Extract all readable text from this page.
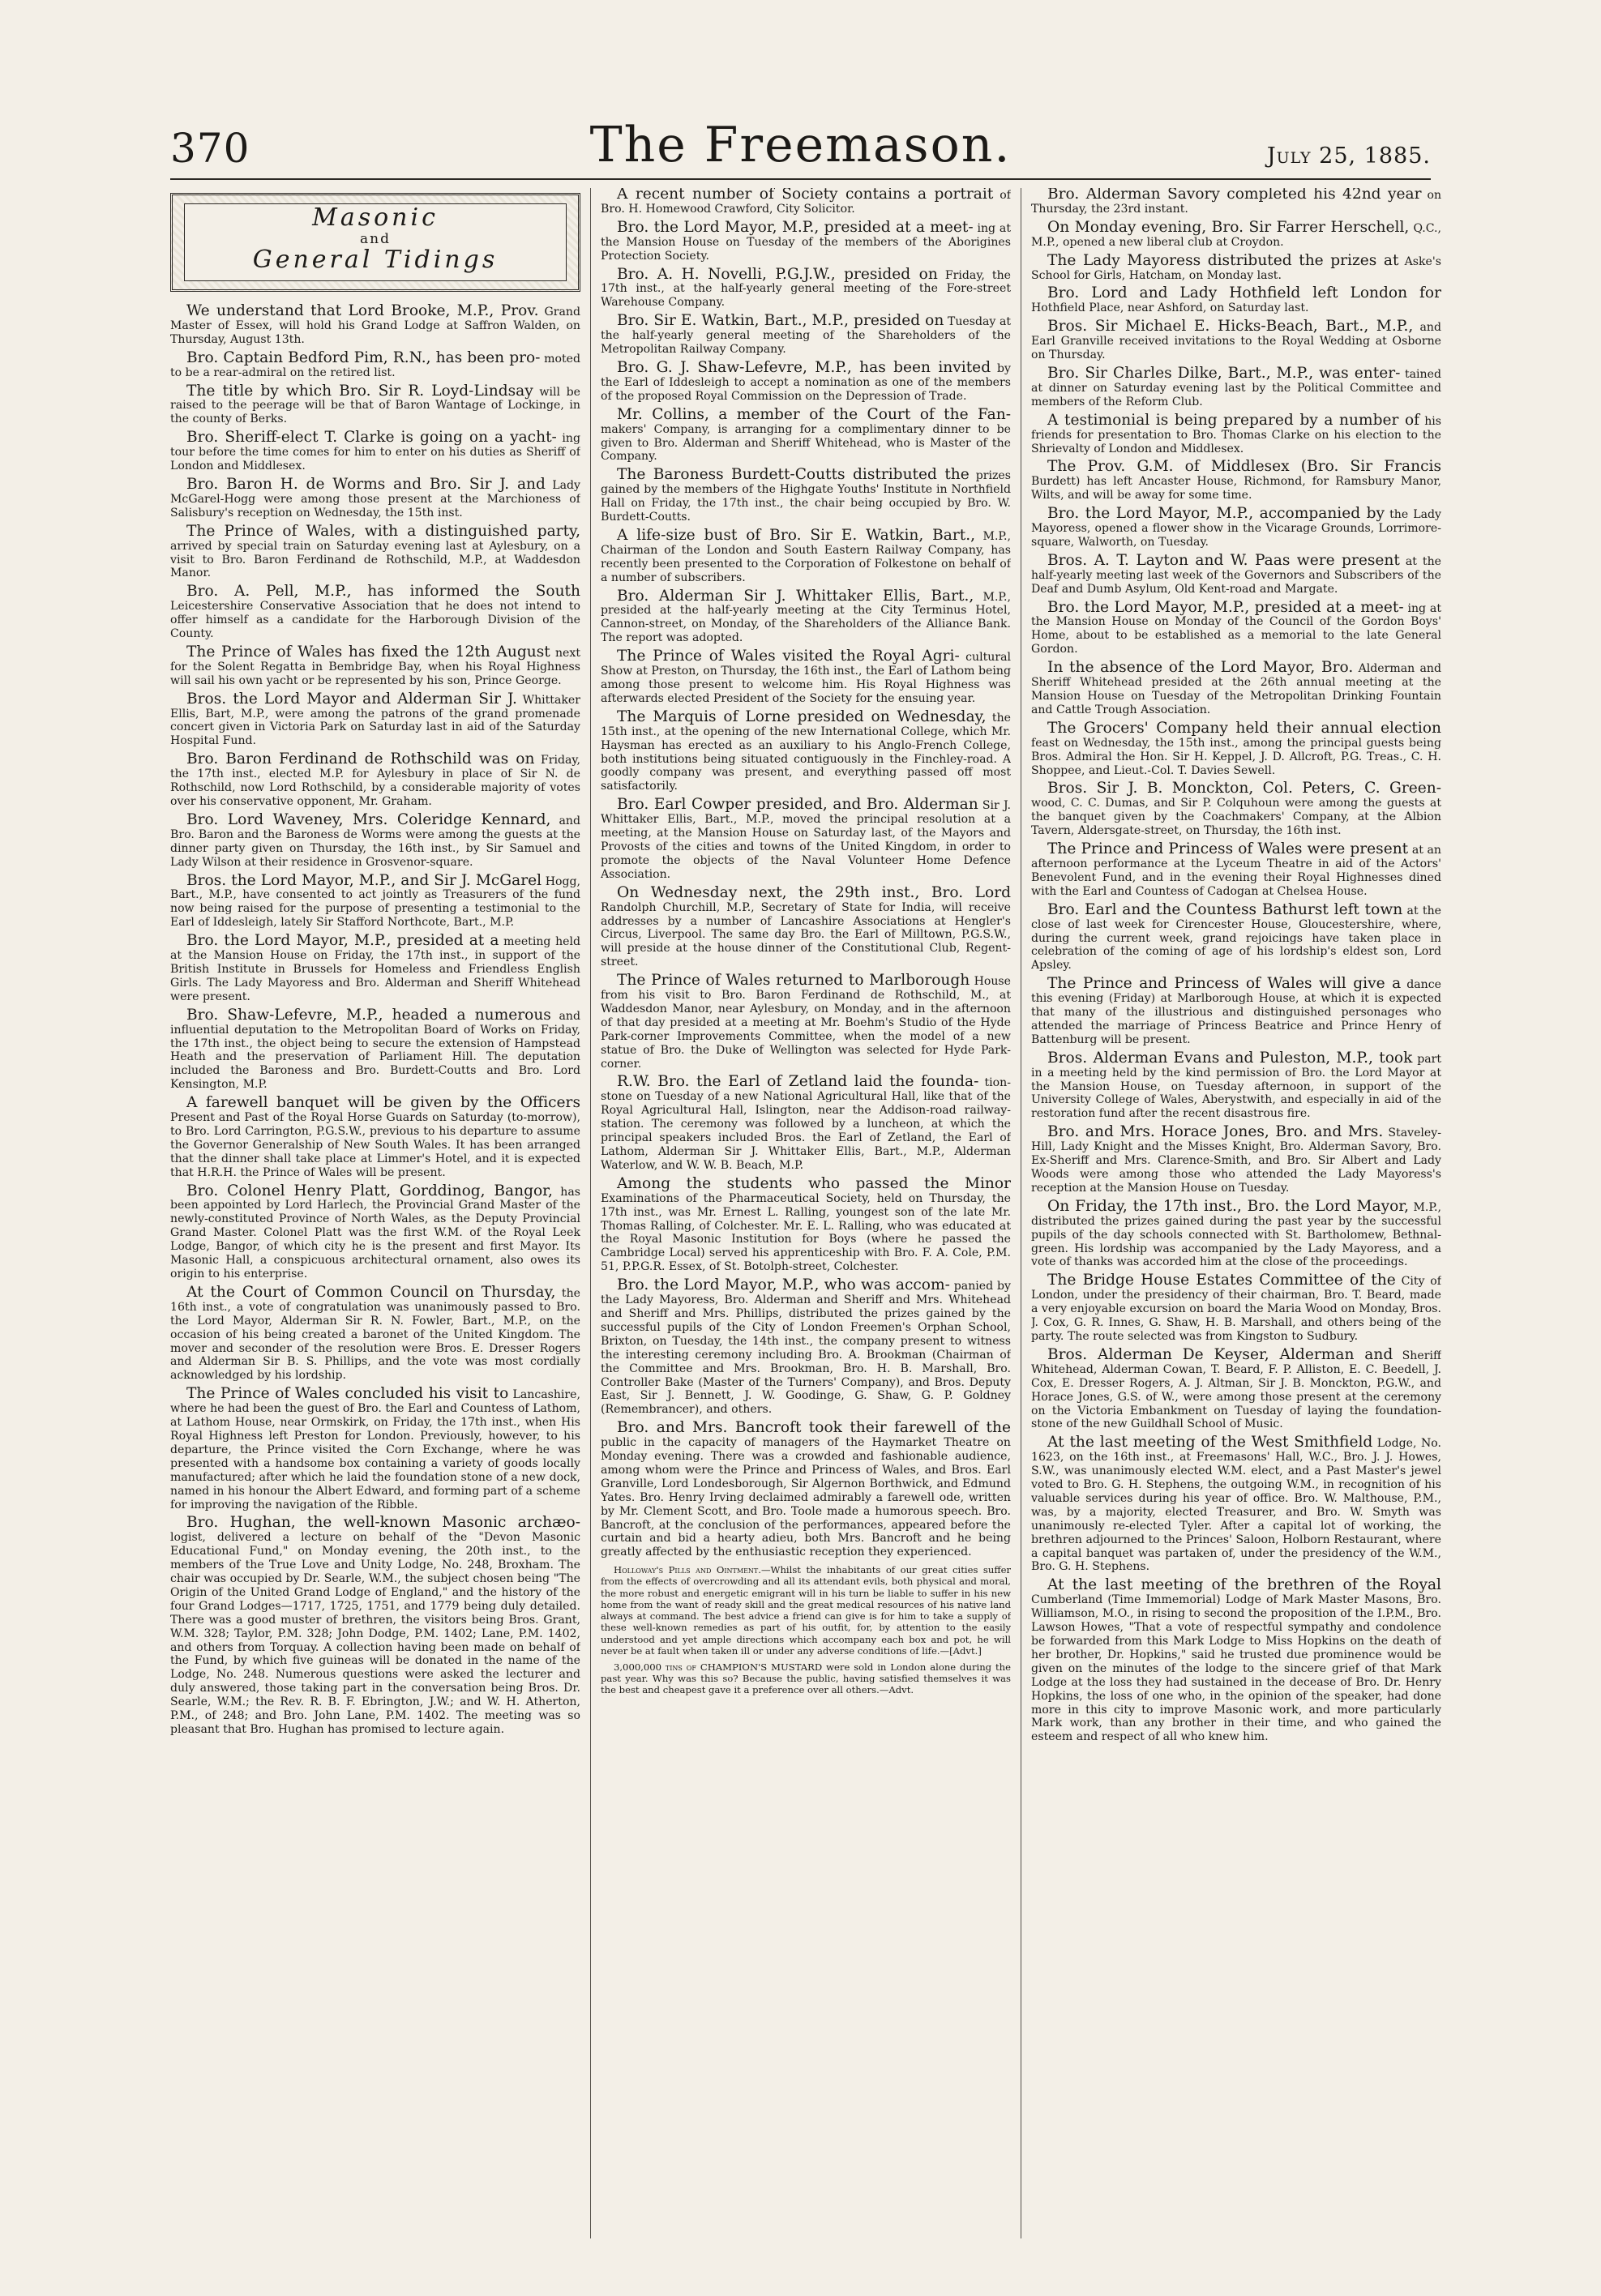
370	The Freemason.	July 25, 1885.
Masonic
and
General Tidings

We understand that Lord Brooke, M.P., Prov. Grand Master of Essex, will hold his Grand Lodge at Saffron Walden, on Thursday, August 13th.

Bro. Captain Bedford Pim, R.N., has been pro- moted to be a rear-admiral on the retired list.

The title by which Bro. Sir R. Loyd-Lindsay will be raised to the peerage will be that of Baron Wantage of Lockinge, in the county of Berks.

Bro. Sheriff-elect T. Clarke is going on a yacht- ing tour before the time comes for him to enter on his duties as Sheriff of London and Middlesex.

Bro. Baron H. de Worms and Bro. Sir J. and Lady McGarel-Hogg were among those present at the Marchioness of Salisbury's reception on Wednesday, the 15th inst.

The Prince of Wales, with a distinguished party, arrived by special train on Saturday evening last at Aylesbury, on a visit to Bro. Baron Ferdinand de Rothschild, M.P., at Waddesdon Manor.

Bro. A. Pell, M.P., has informed the South Leicestershire Conservative Association that he does not intend to offer himself as a candidate for the Harborough Division of the County.

The Prince of Wales has fixed the 12th August next for the Solent Regatta in Bembridge Bay, when his Royal Highness will sail his own yacht or be represented by his son, Prince George.

Bros. the Lord Mayor and Alderman Sir J. Whittaker Ellis, Bart, M.P., were among the patrons of the grand promenade concert given in Victoria Park on Saturday last in aid of the Saturday Hospital Fund.

Bro. Baron Ferdinand de Rothschild was on Friday, the 17th inst., elected M.P. for Aylesbury in place of Sir N. de Rothschild, now Lord Rothschild, by a considerable majority of votes over his conservative opponent, Mr. Graham.

Bro. Lord Waveney, Mrs. Coleridge Kennard, and Bro. Baron and the Baroness de Worms were among the guests at the dinner party given on Thursday, the 16th inst., by Sir Samuel and Lady Wilson at their residence in Grosvenor-square.

Bros. the Lord Mayor, M.P., and Sir J. McGarel Hogg, Bart., M.P., have consented to act jointly as Treasurers of the fund now being raised for the purpose of presenting a testimonial to the Earl of Iddesleigh, lately Sir Stafford Northcote, Bart., M.P.

Bro. the Lord Mayor, M.P., presided at a meeting held at the Mansion House on Friday, the 17th inst., in support of the British Institute in Brussels for Homeless and Friendless English Girls. The Lady Mayoress and Bro. Alderman and Sheriff Whitehead were present.

Bro. Shaw-Lefevre, M.P., headed a numerous and influential deputation to the Metropolitan Board of Works on Friday, the 17th inst., the object being to secure the extension of Hampstead Heath and the preservation of Parliament Hill. The deputation included the Baroness and Bro. Burdett-Coutts and Bro. Lord Kensington, M.P.

A farewell banquet will be given by the Officers Present and Past of the Royal Horse Guards on Saturday (to-morrow), to Bro. Lord Carrington, P.G.S.W., previous to his departure to assume the Governor Generalship of New South Wales. It has been arranged that the dinner shall take place at Limmer's Hotel, and it is expected that H.R.H. the Prince of Wales will be present.

Bro. Colonel Henry Platt, Gorddinog, Bangor, has been appointed by Lord Harlech, the Provincial Grand Master of the newly-constituted Province of North Wales, as the Deputy Provincial Grand Master. Colonel Platt was the first W.M. of the Royal Leek Lodge, Bangor, of which city he is the present and first Mayor. Its Masonic Hall, a conspicuous architectural ornament, also owes its origin to his enterprise.

At the Court of Common Council on Thursday, the 16th inst., a vote of congratulation was unanimously passed to Bro. the Lord Mayor, Alderman Sir R. N. Fowler, Bart., M.P., on the occasion of his being created a baronet of the United Kingdom. The mover and seconder of the resolution were Bros. E. Dresser Rogers and Alderman Sir B. S. Phillips, and the vote was most cordially acknowledged by his lordship.

The Prince of Wales concluded his visit to Lancashire, where he had been the guest of Bro. the Earl and Countess of Lathom, at Lathom House, near Ormskirk, on Friday, the 17th inst., when His Royal Highness left Preston for London. Previously, however, to his departure, the Prince visited the Corn Exchange, where he was presented with a handsome box containing a variety of goods locally manufactured; after which he laid the foundation stone of a new dock, named in his honour the Albert Edward, and forming part of a scheme for improving the navigation of the Ribble.

Bro. Hughan, the well-known Masonic archæo- logist, delivered a lecture on behalf of the "Devon Masonic Educational Fund," on Monday evening, the 20th inst., to the members of the True Love and Unity Lodge, No. 248, Broxham. The chair was occupied by Dr. Searle, W.M., the subject chosen being "The Origin of the United Grand Lodge of England," and the history of the four Grand Lodges—1717, 1725, 1751, and 1779 being duly detailed. There was a good muster of brethren, the visitors being Bros. Grant, W.M. 328; Taylor, P.M. 328; John Dodge, P.M. 1402; Lane, P.M. 1402, and others from Torquay. A collection having been made on behalf of the Fund, by which five guineas will be donated in the name of the Lodge, No. 248. Numerous questions were asked the lecturer and duly answered, those taking part in the conversation being Bros. Dr. Searle, W.M.; the Rev. R. B. F. Ebrington, J.W.; and W. H. Atherton, P.M., of 248; and Bro. John Lane, P.M. 1402. The meeting was so pleasant that Bro. Hughan has promised to lecture again.

A recent number of Society contains a portrait of Bro. H. Homewood Crawford, City Solicitor.

Bro. the Lord Mayor, M.P., presided at a meet- ing at the Mansion House on Tuesday of the members of the Aborigines Protection Society.

Bro. A. H. Novelli, P.G.J.W., presided on Friday, the 17th inst., at the half-yearly general meeting of the Fore-street Warehouse Company.

Bro. Sir E. Watkin, Bart., M.P., presided on Tuesday at the half-yearly general meeting of the Shareholders of the Metropolitan Railway Company.

Bro. G. J. Shaw-Lefevre, M.P., has been invited by the Earl of Iddesleigh to accept a nomination as one of the members of the proposed Royal Commission on the Depression of Trade.

Mr. Collins, a member of the Court of the Fan- makers' Company, is arranging for a complimentary dinner to be given to Bro. Alderman and Sheriff Whitehead, who is Master of the Company.

The Baroness Burdett-Coutts distributed the prizes gained by the members of the Highgate Youths' Institute in Northfield Hall on Friday, the 17th inst., the chair being occupied by Bro. W. Burdett-Coutts.

A life-size bust of Bro. Sir E. Watkin, Bart., M.P., Chairman of the London and South Eastern Railway Company, has recently been presented to the Corporation of Folkestone on behalf of a number of subscribers.

Bro. Alderman Sir J. Whittaker Ellis, Bart., M.P., presided at the half-yearly meeting at the City Terminus Hotel, Cannon-street, on Monday, of the Shareholders of the Alliance Bank. The report was adopted.

The Prince of Wales visited the Royal Agri- cultural Show at Preston, on Thursday, the 16th inst., the Earl of Lathom being among those present to welcome him. His Royal Highness was afterwards elected President of the Society for the ensuing year.

The Marquis of Lorne presided on Wednesday, the 15th inst., at the opening of the new International College, which Mr. Haysman has erected as an auxiliary to his Anglo-French College, both institutions being situated contiguously in the Finchley-road. A goodly company was present, and everything passed off most satisfactorily.

Bro. Earl Cowper presided, and Bro. Alderman Sir J. Whittaker Ellis, Bart., M.P., moved the principal resolution at a meeting, at the Mansion House on Saturday last, of the Mayors and Provosts of the cities and towns of the United Kingdom, in order to promote the objects of the Naval Volunteer Home Defence Association.

On Wednesday next, the 29th inst., Bro. Lord Randolph Churchill, M.P., Secretary of State for India, will receive addresses by a number of Lancashire Associations at Hengler's Circus, Liverpool. The same day Bro. the Earl of Milltown, P.G.S.W., will preside at the house dinner of the Constitutional Club, Regent-street.

The Prince of Wales returned to Marlborough House from his visit to Bro. Baron Ferdinand de Rothschild, M., at Waddesdon Manor, near Aylesbury, on Monday, and in the afternoon of that day presided at a meeting at Mr. Boehm's Studio of the Hyde Park-corner Improvements Committee, when the model of a new statue of Bro. the Duke of Wellington was selected for Hyde Park-corner.

R.W. Bro. the Earl of Zetland laid the founda- tion-stone on Tuesday of a new National Agricultural Hall, like that of the Royal Agricultural Hall, Islington, near the Addison-road railway-station. The ceremony was followed by a luncheon, at which the principal speakers included Bros. the Earl of Zetland, the Earl of Lathom, Alderman Sir J. Whittaker Ellis, Bart., M.P., Alderman Waterlow, and W. W. B. Beach, M.P.

Among the students who passed the Minor Examinations of the Pharmaceutical Society, held on Thursday, the 17th inst., was Mr. Ernest L. Ralling, youngest son of the late Mr. Thomas Ralling, of Colchester. Mr. E. L. Ralling, who was educated at the Royal Masonic Institution for Boys (where he passed the Cambridge Local) served his apprenticeship with Bro. F. A. Cole, P.M. 51, P.P.G.R. Essex, of St. Botolph-street, Colchester.

Bro. the Lord Mayor, M.P., who was accom- panied by the Lady Mayoress, Bro. Alderman and Sheriff and Mrs. Whitehead and Sheriff and Mrs. Phillips, distributed the prizes gained by the successful pupils of the City of London Freemen's Orphan School, Brixton, on Tuesday, the 14th inst., the company present to witness the interesting ceremony including Bro. A. Brookman (Chairman of the Committee and Mrs. Brookman, Bro. H. B. Marshall, Bro. Controller Bake (Master of the Turners' Company), and Bros. Deputy East, Sir J. Bennett, J. W. Goodinge, G. Shaw, G. P. Goldney (Remembrancer), and others.

Bro. and Mrs. Bancroft took their farewell of the public in the capacity of managers of the Haymarket Theatre on Monday evening. There was a crowded and fashionable audience, among whom were the Prince and Princess of Wales, and Bros. Earl Granville, Lord Londesborough, Sir Algernon Borthwick, and Edmund Yates. Bro. Henry Irving declaimed admirably a farewell ode, written by Mr. Clement Scott, and Bro. Toole made a humorous speech. Bro. Bancroft, at the conclusion of the performances, appeared before the curtain and bid a hearty adieu, both Mrs. Bancroft and he being greatly affected by the enthusiastic reception they experienced.

Holloway's Pills and Ointment.—Whilst the inhabitants of our great cities suffer from the effects of overcrowding and all its attendant evils, both physical and moral, the more robust and energetic emigrant will in his turn be liable to suffer in his new home from the want of ready skill and the great medical resources of his native land always at command. The best advice a friend can give is for him to take a supply of these well-known remedies as part of his outfit, for, by attention to the easily understood and yet ample directions which accompany each box and pot, he will never be at fault when taken ill or under any adverse conditions of life.—[Advt.]

3,000,000 tins of CHAMPION'S MUSTARD were sold in London alone during the past year. Why was this so? Because the public, having satisfied themselves it was the best and cheapest gave it a preference over all others.—Advt.

Bro. Alderman Savory completed his 42nd year on Thursday, the 23rd instant.

On Monday evening, Bro. Sir Farrer Herschell, Q.C., M.P., opened a new liberal club at Croydon.

The Lady Mayoress distributed the prizes at Aske's School for Girls, Hatcham, on Monday last.

Bro. Lord and Lady Hothfield left London for Hothfield Place, near Ashford, on Saturday last.

Bros. Sir Michael E. Hicks-Beach, Bart., M.P., and Earl Granville received invitations to the Royal Wedding at Osborne on Thursday.

Bro. Sir Charles Dilke, Bart., M.P., was enter- tained at dinner on Saturday evening last by the Political Committee and members of the Reform Club.

A testimonial is being prepared by a number of his friends for presentation to Bro. Thomas Clarke on his election to the Shrievalty of London and Middlesex.

The Prov. G.M. of Middlesex (Bro. Sir Francis Burdett) has left Ancaster House, Richmond, for Ramsbury Manor, Wilts, and will be away for some time.

Bro. the Lord Mayor, M.P., accompanied by the Lady Mayoress, opened a flower show in the Vicarage Grounds, Lorrimore-square, Walworth, on Tuesday.

Bros. A. T. Layton and W. Paas were present at the half-yearly meeting last week of the Governors and Subscribers of the Deaf and Dumb Asylum, Old Kent-road and Margate.

Bro. the Lord Mayor, M.P., presided at a meet- ing at the Mansion House on Monday of the Council of the Gordon Boys' Home, about to be established as a memorial to the late General Gordon.

In the absence of the Lord Mayor, Bro. Alderman and Sheriff Whitehead presided at the 26th annual meeting at the Mansion House on Tuesday of the Metropolitan Drinking Fountain and Cattle Trough Association.

The Grocers' Company held their annual election feast on Wednesday, the 15th inst., among the principal guests being Bros. Admiral the Hon. Sir H. Keppel, J. D. Allcroft, P.G. Treas., C. H. Shoppee, and Lieut.-Col. T. Davies Sewell.

Bros. Sir J. B. Monckton, Col. Peters, C. Green- wood, C. C. Dumas, and Sir P. Colquhoun were among the guests at the banquet given by the Coachmakers' Company, at the Albion Tavern, Aldersgate-street, on Thursday, the 16th inst.

The Prince and Princess of Wales were present at an afternoon performance at the Lyceum Theatre in aid of the Actors' Benevolent Fund, and in the evening their Royal Highnesses dined with the Earl and Countess of Cadogan at Chelsea House.

Bro. Earl and the Countess Bathurst left town at the close of last week for Cirencester House, Gloucestershire, where, during the current week, grand rejoicings have taken place in celebration of the coming of age of his lordship's eldest son, Lord Apsley.

The Prince and Princess of Wales will give a dance this evening (Friday) at Marlborough House, at which it is expected that many of the illustrious and distinguished personages who attended the marriage of Princess Beatrice and Prince Henry of Battenburg will be present.

Bros. Alderman Evans and Puleston, M.P., took part in a meeting held by the kind permission of Bro. the Lord Mayor at the Mansion House, on Tuesday afternoon, in support of the University College of Wales, Aberystwith, and especially in aid of the restoration fund after the recent disastrous fire.

Bro. and Mrs. Horace Jones, Bro. and Mrs. Staveley-Hill, Lady Knight and the Misses Knight, Bro. Alderman Savory, Bro. Ex-Sheriff and Mrs. Clarence-Smith, and Bro. Sir Albert and Lady Woods were among those who attended the Lady Mayoress's reception at the Mansion House on Tuesday.

On Friday, the 17th inst., Bro. the Lord Mayor, M.P., distributed the prizes gained during the past year by the successful pupils of the day schools connected with St. Bartholomew, Bethnal-green. His lordship was accompanied by the Lady Mayoress, and a vote of thanks was accorded him at the close of the proceedings.

The Bridge House Estates Committee of the City of London, under the presidency of their chairman, Bro. T. Beard, made a very enjoyable excursion on board the Maria Wood on Monday, Bros. J. Cox, G. R. Innes, G. Shaw, H. B. Marshall, and others being of the party. The route selected was from Kingston to Sudbury.

Bros. Alderman De Keyser, Alderman and Sheriff Whitehead, Alderman Cowan, T. Beard, F. P. Alliston, E. C. Beedell, J. Cox, E. Dresser Rogers, A. J. Altman, Sir J. B. Monckton, P.G.W., and Horace Jones, G.S. of W., were among those present at the ceremony on the Victoria Embankment on Tuesday of laying the foundation-stone of the new Guildhall School of Music.

At the last meeting of the West Smithfield Lodge, No. 1623, on the 16th inst., at Freemasons' Hall, W.C., Bro. J. J. Howes, S.W., was unanimously elected W.M. elect, and a Past Master's jewel voted to Bro. G. H. Stephens, the outgoing W.M., in recognition of his valuable services during his year of office. Bro. W. Malthouse, P.M., was, by a majority, elected Treasurer, and Bro. W. Smyth was unanimously re-elected Tyler. After a capital lot of working, the brethren adjourned to the Princes' Saloon, Holborn Restaurant, where a capital banquet was partaken of, under the presidency of the W.M., Bro. G. H. Stephens.

At the last meeting of the brethren of the Royal Cumberland (Time Immemorial) Lodge of Mark Master Masons, Bro. Williamson, M.O., in rising to second the proposition of the I.P.M., Bro. Lawson Howes, "That a vote of respectful sympathy and condolence be forwarded from this Mark Lodge to Miss Hopkins on the death of her brother, Dr. Hopkins," said he trusted due prominence would be given on the minutes of the lodge to the sincere grief of that Mark Lodge at the loss they had sustained in the decease of Bro. Dr. Henry Hopkins, the loss of one who, in the opinion of the speaker, had done more in this city to improve Masonic work, and more particularly Mark work, than any brother in their time, and who gained the esteem and respect of all who knew him.
